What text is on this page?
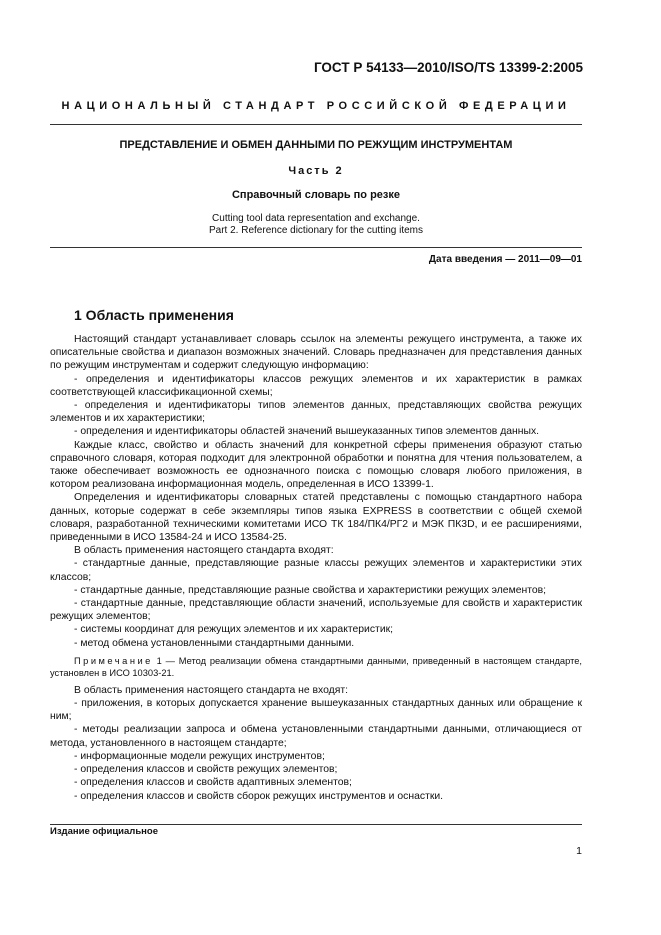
ГОСТ Р 54133—2010/ISO/TS 13399-2:2005
НАЦИОНАЛЬНЫЙ СТАНДАРТ РОССИЙСКОЙ ФЕДЕРАЦИИ
ПРЕДСТАВЛЕНИЕ И ОБМЕН ДАННЫМИ ПО РЕЖУЩИМ ИНСТРУМЕНТАМ
Часть 2
Справочный словарь по резке
Cutting tool data representation and exchange.
Part 2. Reference dictionary for the cutting items
Дата введения — 2011—09—01
1 Область применения

Настоящий стандарт устанавливает словарь ссылок на элементы режущего инструмента, а также их описательные свойства и диапазон возможных значений. Словарь предназначен для представления данных по режущим инструментам и содержит следующую информацию:

- определения и идентификаторы классов режущих элементов и их характеристик в рамках соответствующей классификационной схемы;

- определения и идентификаторы типов элементов данных, представляющих свойства режущих элементов и их характеристики;

- определения и идентификаторы областей значений вышеуказанных типов элементов данных.

Каждые класс, свойство и область значений для конкретной сферы применения образуют статью справочного словаря, которая подходит для электронной обработки и понятна для чтения пользователем, а также обеспечивает возможность ее однозначного поиска с помощью словаря любого приложения, в котором реализована информационная модель, определенная в ИСО 13399-1.

Определения и идентификаторы словарных статей представлены с помощью стандартного набора данных, которые содержат в себе экземпляры типов языка EXPRESS в соответствии с общей схемой словаря, разработанной техническими комитетами ИСО ТК 184/ПК4/РГ2 и МЭК ПК3D, и ее расширениями, приведенными в ИСО 13584-24 и ИСО 13584-25.

В область применения настоящего стандарта входят:

- стандартные данные, представляющие разные классы режущих элементов и характеристики этих классов;

- стандартные данные, представляющие разные свойства и характеристики режущих элементов;

- стандартные данные, представляющие области значений, используемые для свойств и характеристик режущих элементов;

- системы координат для режущих элементов и их характеристик;

- метод обмена установленными стандартными данными.

Примечание 1 — Метод реализации обмена стандартными данными, приведенный в настоящем стандарте, установлен в ИСО 10303-21.

В область применения настоящего стандарта не входят:

- приложения, в которых допускается хранение вышеуказанных стандартных данных или обращение к ним;

- методы реализации запроса и обмена установленными стандартными данными, отличающиеся от метода, установленного в настоящем стандарте;

- информационные модели режущих инструментов;

- определения классов и свойств режущих элементов;

- определения классов и свойств адаптивных элементов;

- определения классов и свойств сборок режущих инструментов и оснастки.

Издание официальное
1
